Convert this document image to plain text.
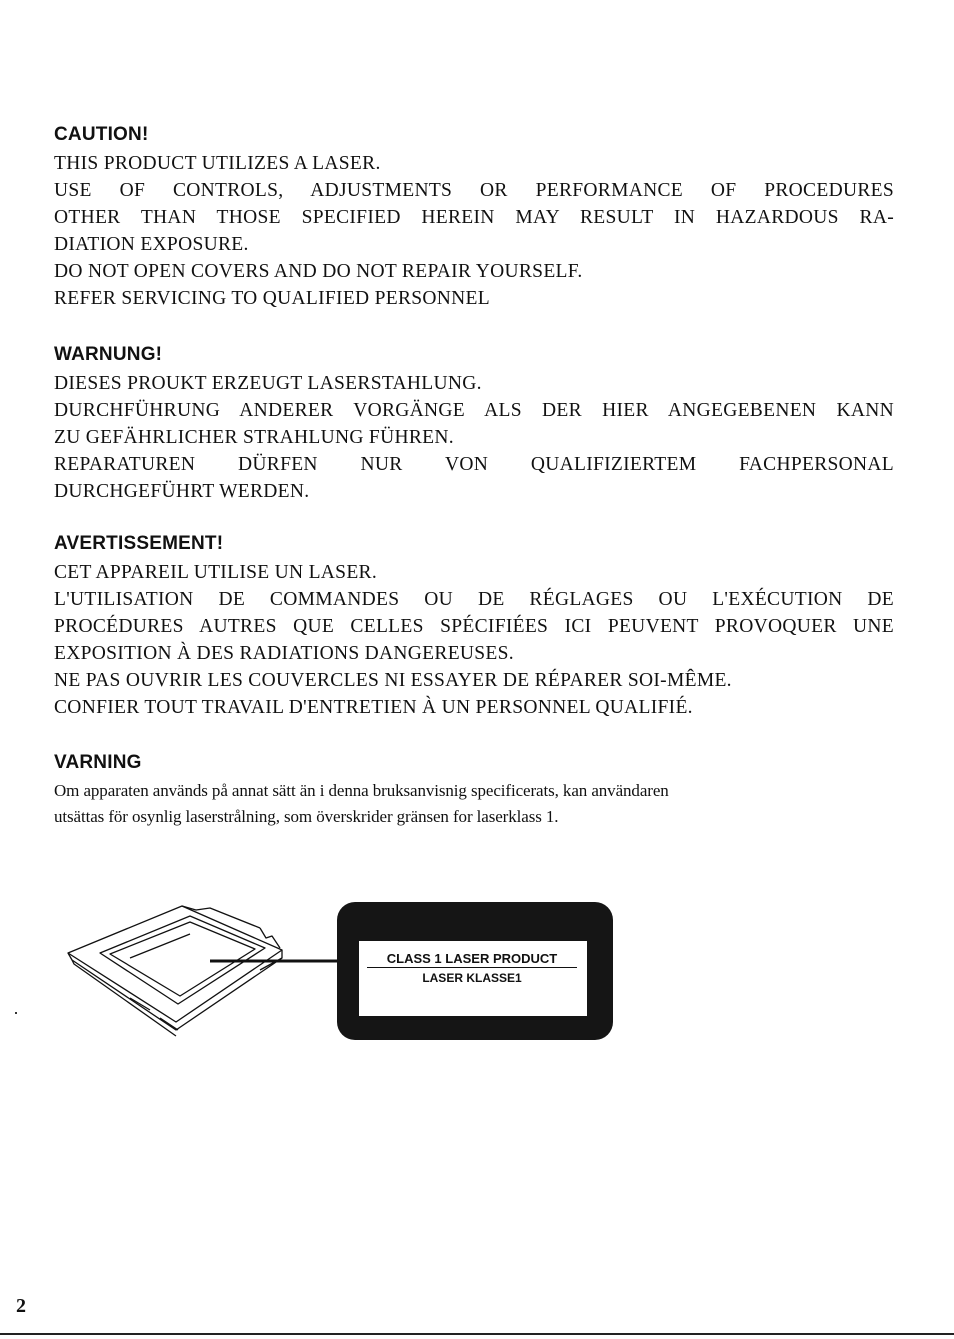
CAUTION!
THIS PRODUCT UTILIZES A LASER.
USE OF CONTROLS, ADJUSTMENTS OR PERFORMANCE OF PROCEDURES
OTHER THAN THOSE SPECIFIED HEREIN MAY RESULT IN HAZARDOUS RA-
DIATION EXPOSURE.
DO NOT OPEN COVERS AND DO NOT REPAIR YOURSELF.
REFER SERVICING TO QUALIFIED PERSONNEL
WARNUNG!
DIESES PROUKT ERZEUGT LASERSTAHLUNG.
DURCHFÜHRUNG ANDERER VORGÄNGE ALS DER HIER ANGEGEBENEN KANN
ZU GEFÄHRLICHER STRAHLUNG FÜHREN.
REPARATUREN DÜRFEN NUR VON QUALIFIZIERTEM FACHPERSONAL
DURCHGEFÜHRT WERDEN.
AVERTISSEMENT!
CET APPAREIL UTILISE UN LASER.
L'UTILISATION DE COMMANDES OU DE RÉGLAGES OU L'EXÉCUTION DE
PROCÉDURES AUTRES QUE CELLES SPÉCIFIÉES ICI PEUVENT PROVOQUER UNE
EXPOSITION À DES RADIATIONS DANGEREUSES.
NE PAS OUVRIR LES COUVERCLES NI ESSAYER DE RÉPARER SOI-MÊME.
CONFIER TOUT TRAVAIL D'ENTRETIEN À UN PERSONNEL QUALIFIÉ.
VARNING
Om apparaten används på annat sätt än i denna bruksanvisnig specificerats, kan användaren
utsättas för osynlig laserstrålning, som överskrider gränsen for laserklass 1.
CLASS 1 LASER PRODUCT
LASER KLASSE1
2
